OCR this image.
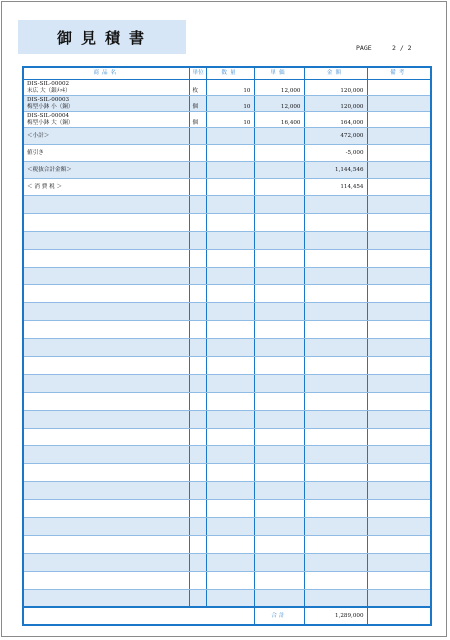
御見積書
PAGE	2 / 2
商品名	単位	数量	単価	金額	備考

DIS-SIL-00002
末広 大（銀ﾒｯｷ）	枚	10	12,000	120,000	

DIS-SIL-00003
梅型小鉢 小（銅）	個	10	12,000	120,000	

DIS-SIL-00004
梅型小鉢 大（銅）	個	10	16,400	164,000	
＜小計＞				472,000	
値引き				-5,000	
＜税抜合計金額＞				1,144,546	
＜ 消 費 税 ＞				114,454	

			合計	1,289,000	
